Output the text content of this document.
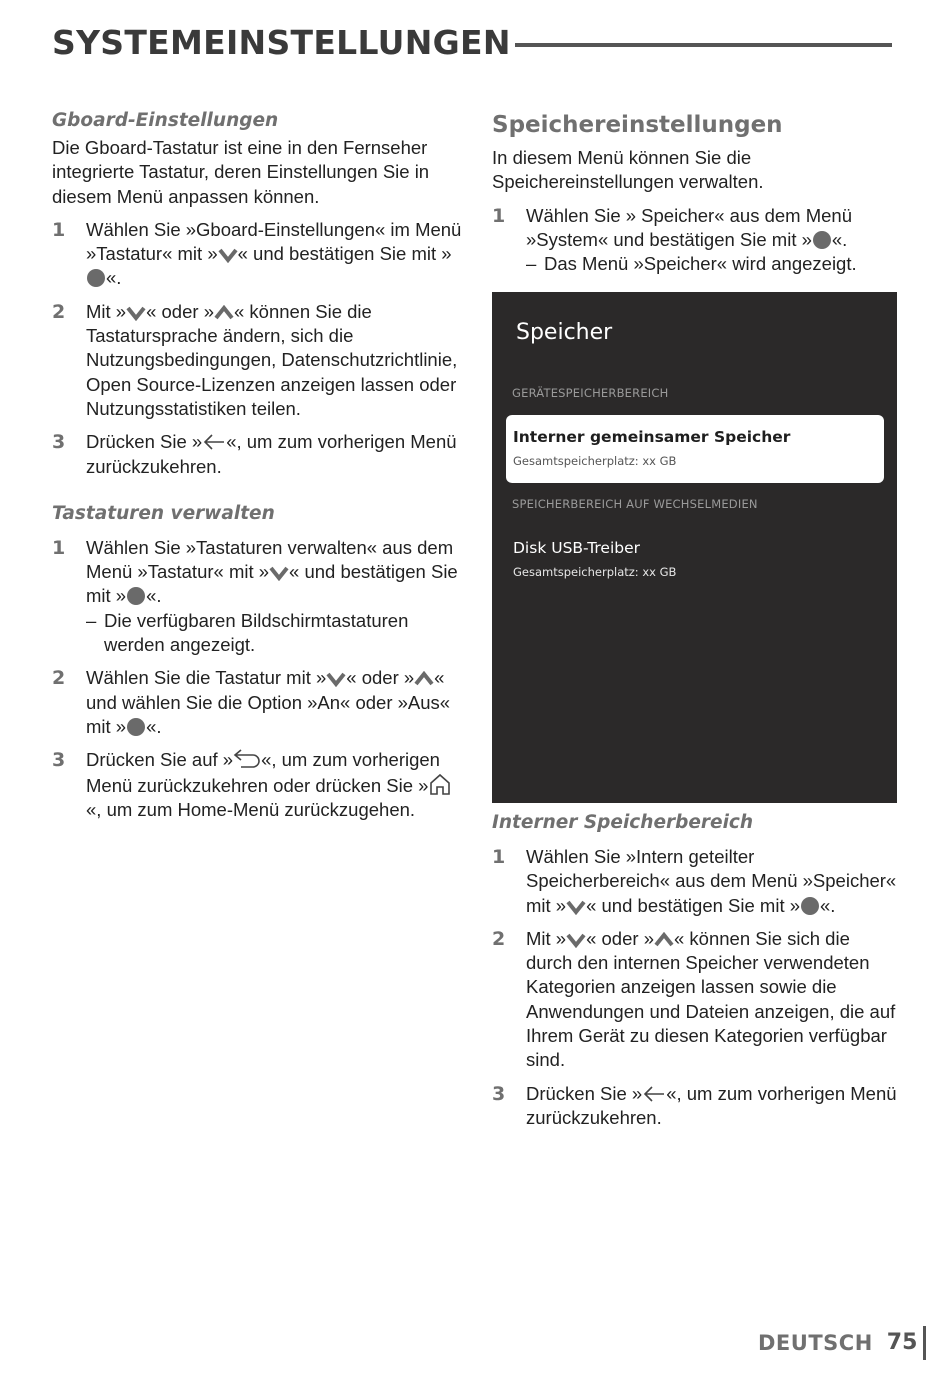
SYSTEMEINSTELLUNGEN
Gboard-Einstellungen

Die Gboard-Tastatur ist eine in den Fernseher integrierte Tastatur, deren Einstellungen Sie in diesem Menü anpassen können.

1	Wählen Sie »Gboard-Einstellungen« im Menü »Tastatur« mit » « und bestätigen Sie mit »«.
2	Mit » « oder » « können Sie die Tastatursprache ändern, sich die Nutzungsbedingungen, Datenschutzrichtlinie, Open Source-Lizenzen anzeigen lassen oder Nutzungsstatistiken teilen.
3	Drücken Sie » «, um zum vorherigen Menü zurückzukehren.
Tastaturen verwalten
1	Wählen Sie »Tastaturen verwalten« aus dem Menü »Tastatur« mit » « und bestätigen Sie mit » «.
– Die verfügbaren Bildschirmtastaturen werden angezeigt.
2	Wählen Sie die Tastatur mit » « oder » « und wählen Sie die Option »An« oder »Aus« mit » «.
3	Drücken Sie auf » «, um zum vorherigen Menü zurückzukehren oder drücken Sie »«, um zum Home-Menü zurückzugehen.
Speichereinstellungen

In diesem Menü können Sie die Speichereinstellungen verwalten.

1	Wählen Sie » Speicher« aus dem Menü »System« und bestätigen Sie mit » «.
– Das Menü »Speicher« wird angezeigt.
Speicher
GERÄTESPEICHERBEREICH
Interner gemeinsamer Speicher
Gesamtspeicherplatz: xx GB
SPEICHERBEREICH AUF WECHSELMEDIEN
Disk USB-Treiber
Gesamtspeicherplatz: xx GB
Interner Speicherbereich
1	Wählen Sie »Intern geteilter Speicherbereich« aus dem Menü »Speicher« mit » « und bestätigen Sie mit » «.
2	Mit » « oder » « können Sie sich die durch den internen Speicher verwendeten Kategorien anzeigen lassen sowie die Anwendungen und Dateien anzeigen, die auf Ihrem Gerät zu diesen Kategorien verfügbar sind.
3	Drücken Sie » «, um zum vorherigen Menü zurückzukehren.
DEUTSCH 75
